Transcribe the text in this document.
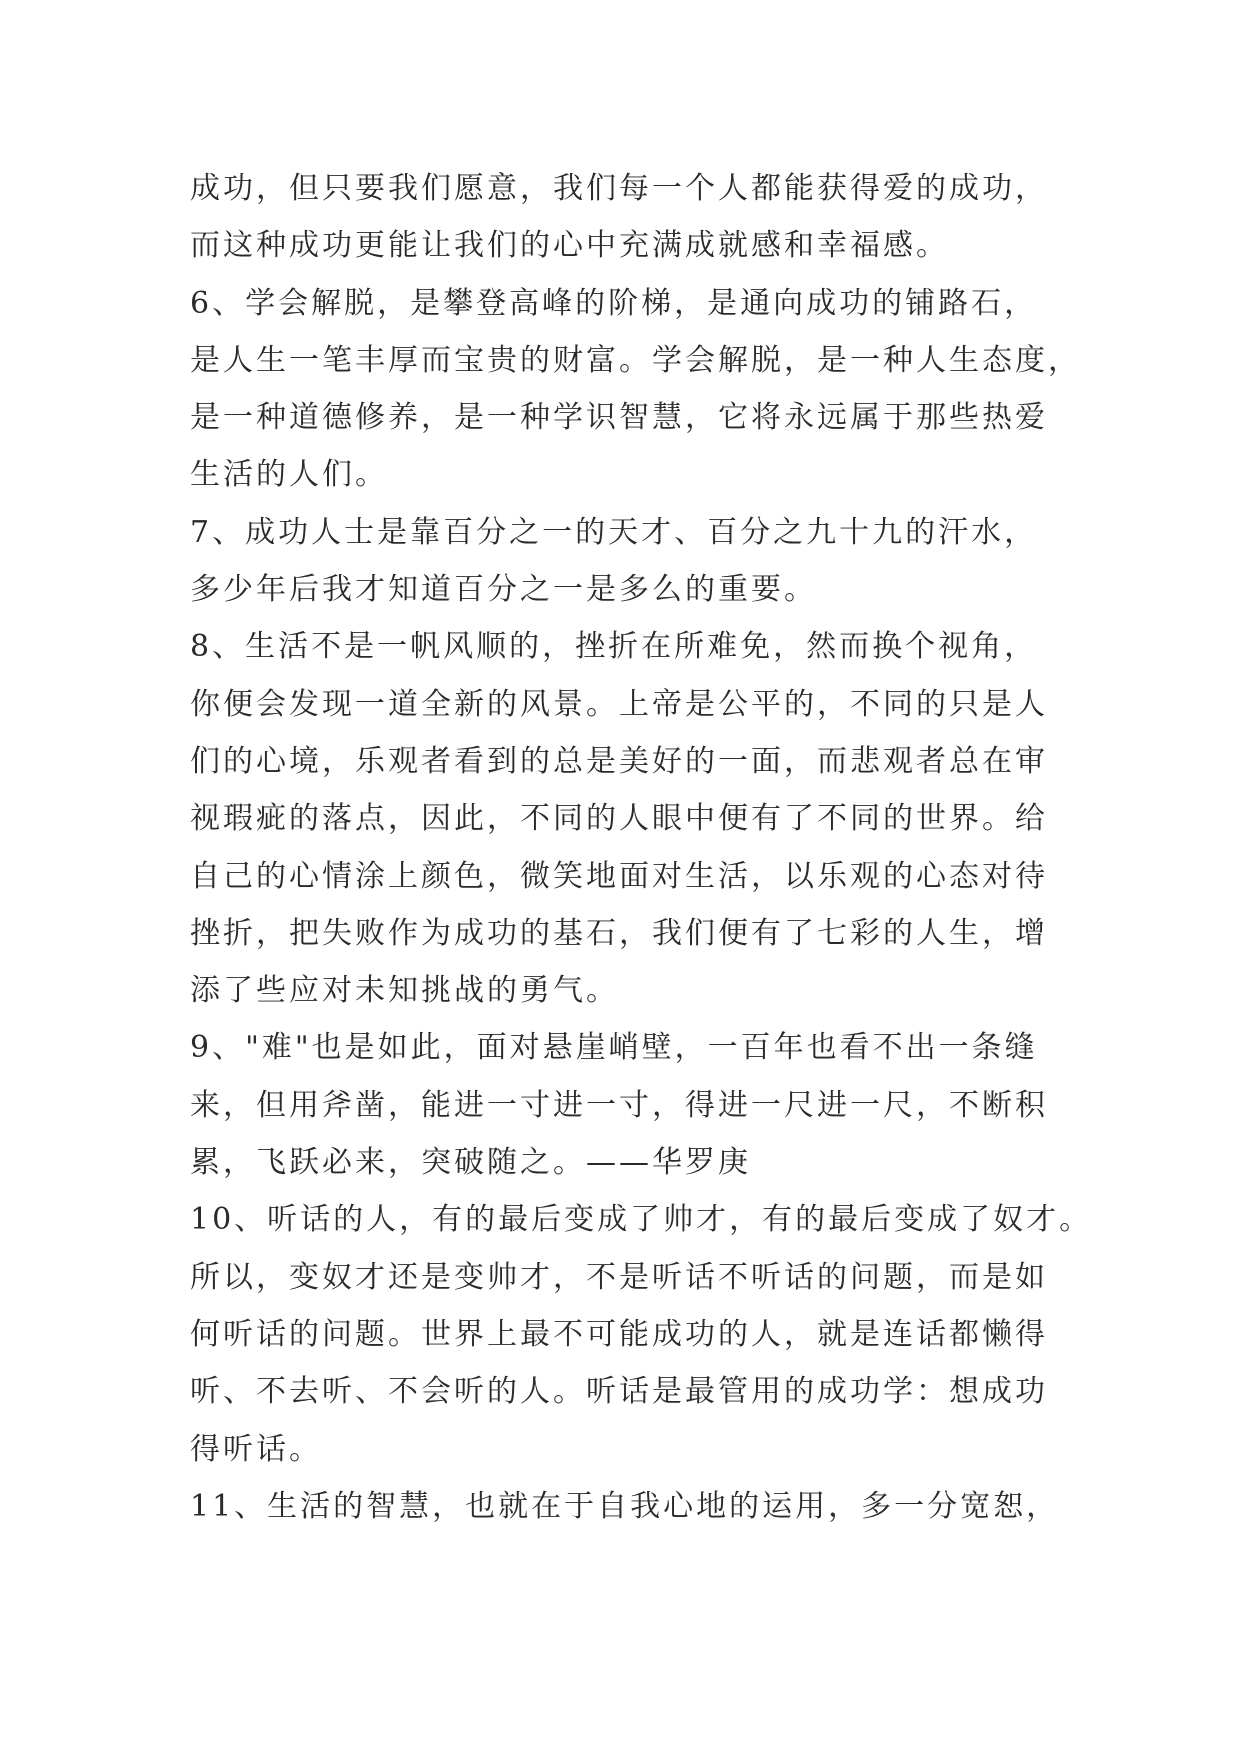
成功，但只要我们愿意，我们每一个人都能获得爱的成功，
而这种成功更能让我们的心中充满成就感和幸福感。
6、学会解脱，是攀登高峰的阶梯，是通向成功的铺路石，
是人生一笔丰厚而宝贵的财富。学会解脱，是一种人生态度，
是一种道德修养，是一种学识智慧，它将永远属于那些热爱
生活的人们。
7、成功人士是靠百分之一的天才、百分之九十九的汗水，
多少年后我才知道百分之一是多么的重要。
8、生活不是一帆风顺的，挫折在所难免，然而换个视角，
你便会发现一道全新的风景。上帝是公平的，不同的只是人
们的心境，乐观者看到的总是美好的一面，而悲观者总在审
视瑕疵的落点，因此，不同的人眼中便有了不同的世界。给
自己的心情涂上颜色，微笑地面对生活，以乐观的心态对待
挫折，把失败作为成功的基石，我们便有了七彩的人生，增
添了些应对未知挑战的勇气。
9、"难"也是如此，面对悬崖峭壁，一百年也看不出一条缝
来，但用斧凿，能进一寸进一寸，得进一尺进一尺，不断积
累，飞跃必来，突破随之。——华罗庚
10、听话的人，有的最后变成了帅才，有的最后变成了奴才。
所以，变奴才还是变帅才，不是听话不听话的问题，而是如
何听话的问题。世界上最不可能成功的人，就是连话都懒得
听、不去听、不会听的人。听话是最管用的成功学：想成功
得听话。
11、生活的智慧，也就在于自我心地的运用，多一分宽恕，
